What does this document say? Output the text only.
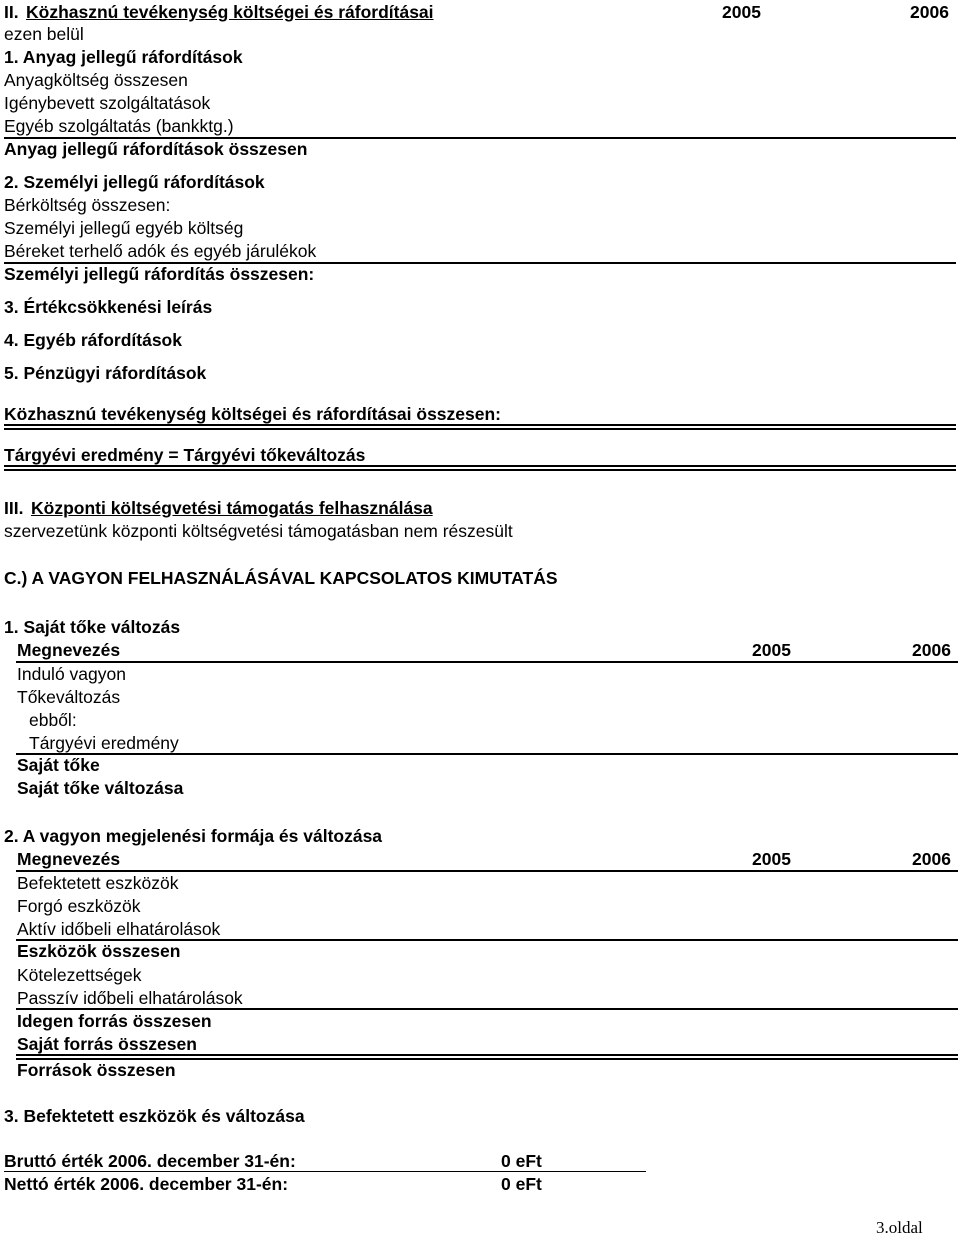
II. Közhasznú tevékenység költségei és ráfordításai	2005	2006
ezen belül
1. Anyag jellegű ráfordítások
Anyagköltség összesen
Igénybevett szolgáltatások
Egyéb szolgáltatás (bankktg.)
Anyag jellegű ráfordítások összesen
2. Személyi jellegű ráfordítások
Bérköltség összesen:
Személyi jellegű egyéb költség
Béreket terhelő adók és egyéb járulékok
Személyi jellegű ráfordítás összesen:
3. Értékcsökkenési leírás
4. Egyéb ráfordítások
5. Pénzügyi ráfordítások
Közhasznú tevékenység költségei és ráfordításai összesen:
Tárgyévi eredmény = Tárgyévi tőkeváltozás
III. Központi költségvetési támogatás felhasználása
szervezetünk központi költségvetési támogatásban nem részesült
C.) A VAGYON FELHASZNÁLÁSÁVAL KAPCSOLATOS KIMUTATÁS
1. Saját tőke változás
Megnevezés	2005	2006
Induló vagyon
Tőkeváltozás
ebből:
Tárgyévi eredmény
Saját tőke
Saját tőke változása
2. A vagyon megjelenési formája és változása
Megnevezés	2005	2006
Befektetett eszközök
Forgó eszközök
Aktív időbeli elhatárolások
Eszközök összesen
Kötelezettségek
Passzív időbeli elhatárolások
Idegen forrás összesen
Saját forrás összesen
Források összesen
3. Befektetett eszközök és változása
Bruttó érték 2006. december 31-én:	0 eFt
Nettó érték 2006. december 31-én:	0 eFt
3.oldal
